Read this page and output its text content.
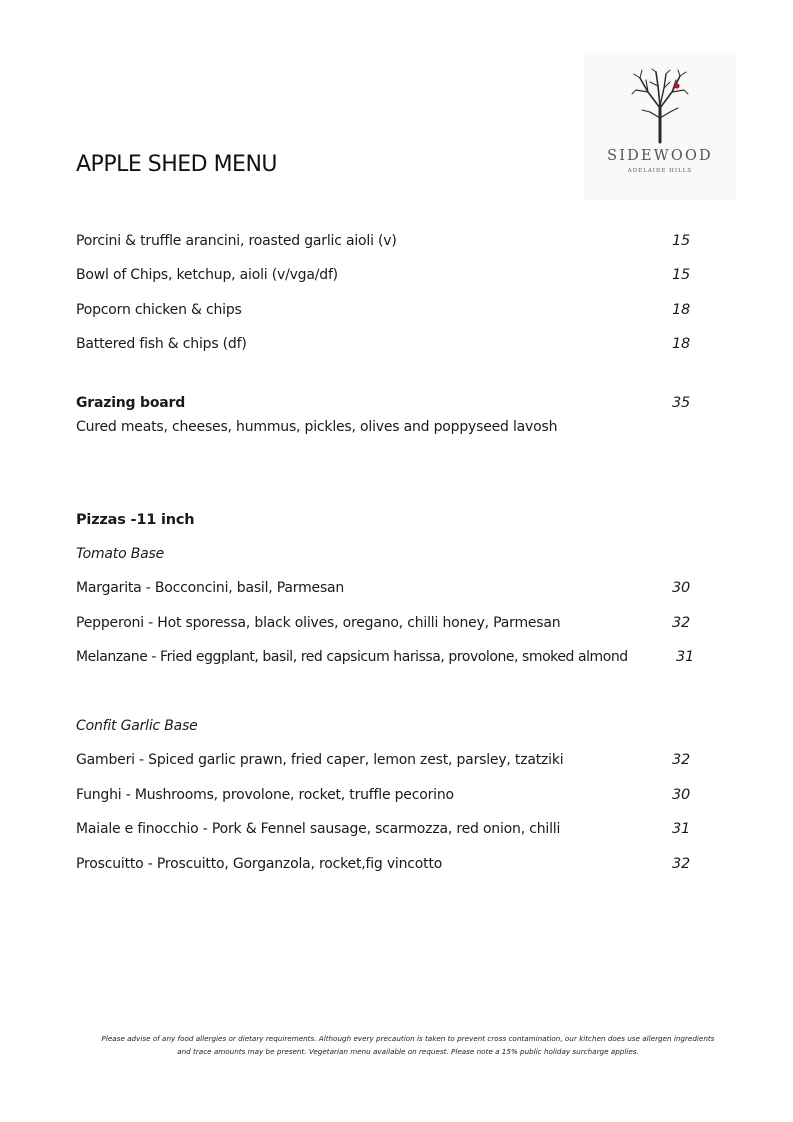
SIDEWOOD
ADELAIDE HILLS
APPLE SHED MENU
Porcini & truffle arancini, roasted garlic aioli (v)	15
Bowl of Chips, ketchup, aioli (v/vga/df)	15
Popcorn chicken & chips	18
Battered fish & chips (df)	18
Grazing board	35
Cured meats, cheeses, hummus, pickles, olives and poppyseed lavosh
Pizzas -11 inch
Tomato Base
Margarita - Bocconcini, basil, Parmesan	30
Pepperoni - Hot sporessa, black olives, oregano, chilli honey, Parmesan	32
Melanzane - Fried eggplant, basil, red capsicum harissa, provolone, smoked almond	31
Confit Garlic Base
Gamberi - Spiced garlic prawn, fried caper, lemon zest, parsley, tzatziki	32
Funghi - Mushrooms, provolone, rocket, truffle pecorino	30
Maiale e finocchio - Pork & Fennel sausage, scarmozza, red onion, chilli	31
Proscuitto - Proscuitto, Gorganzola, rocket,fig vincotto	32
Please advise of any food allergies or dietary requirements. Although every precaution is taken to prevent cross contamination, our kitchen does use allergen ingredients
and trace amounts may be present. Vegetarian menu available on request. Please note a 15% public holiday surcharge applies.
